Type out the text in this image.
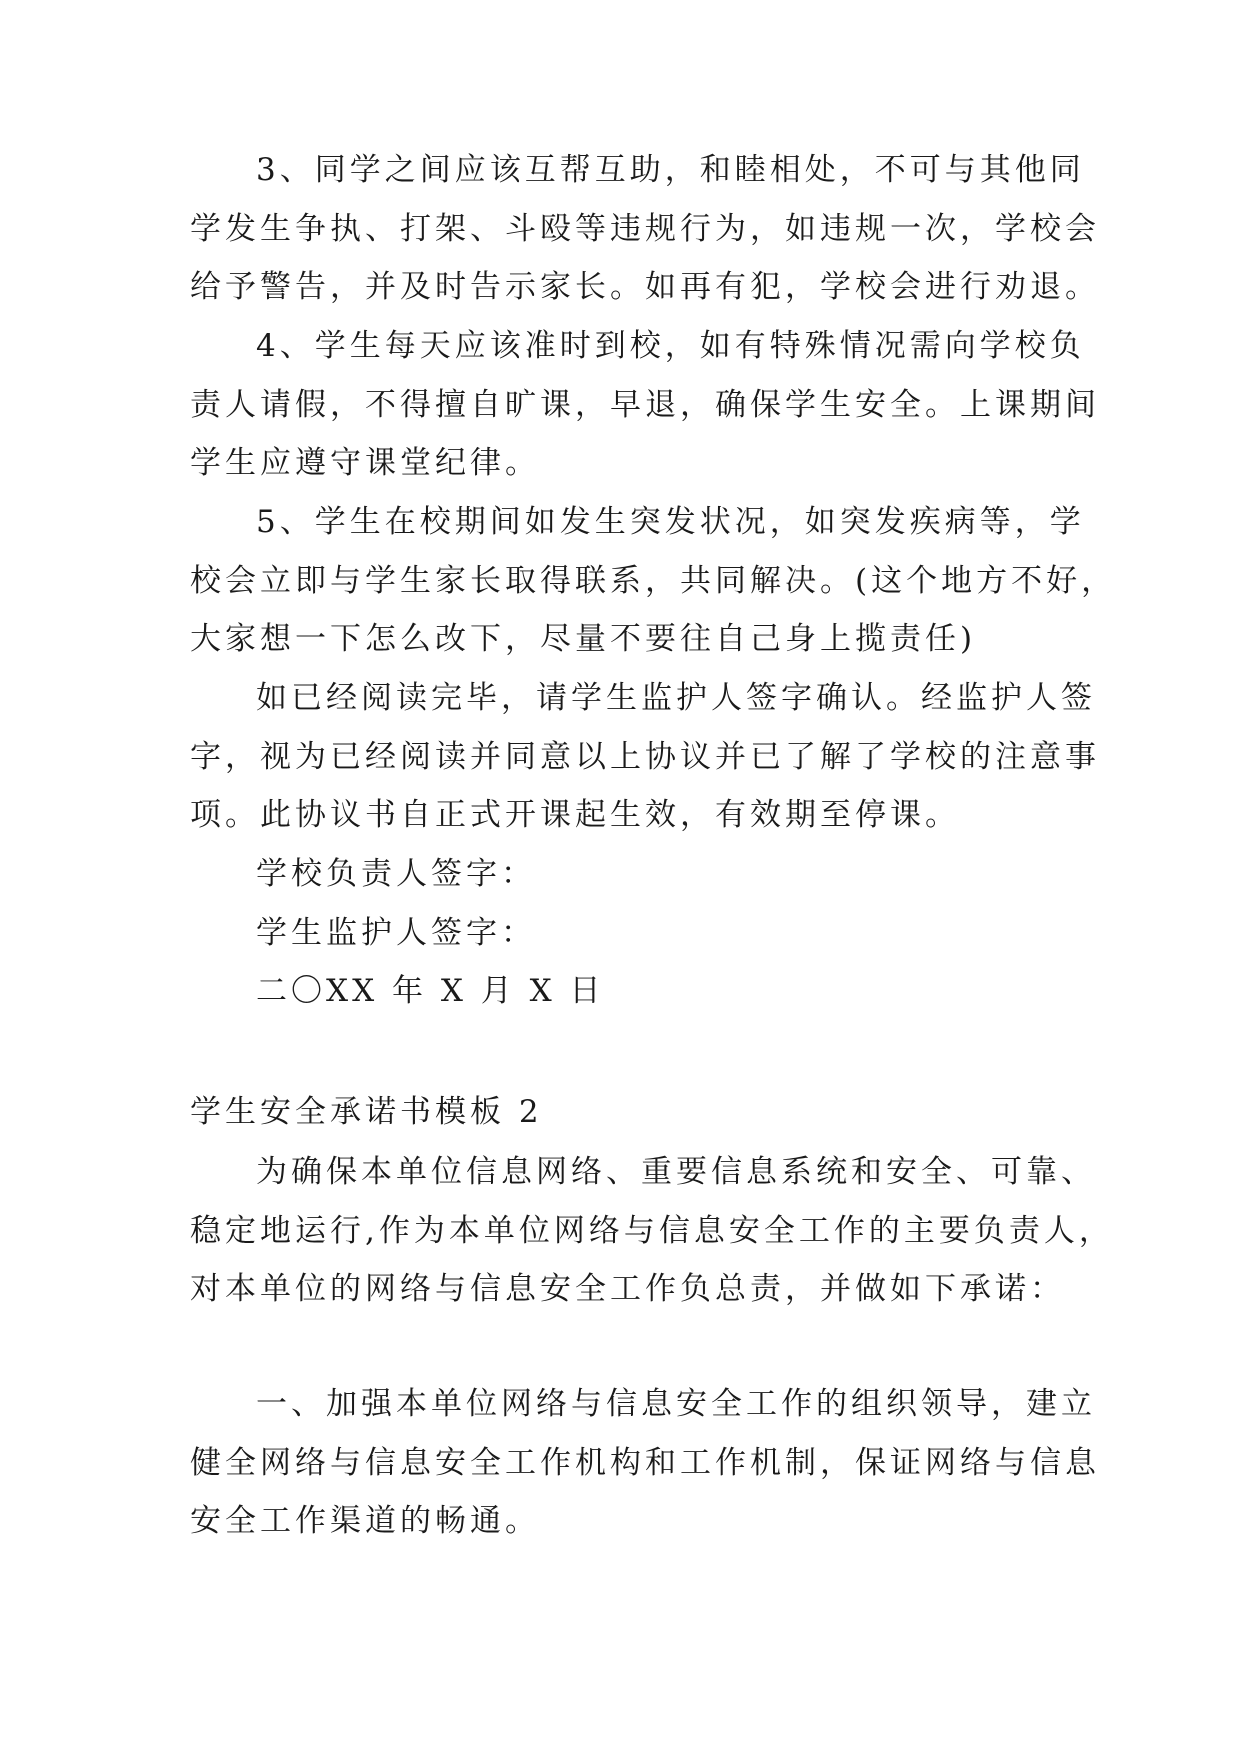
3、同学之间应该互帮互助，和睦相处，不可与其他同
学发生争执、打架、斗殴等违规行为，如违规一次，学校会
给予警告，并及时告示家长。如再有犯，学校会进行劝退。
4、学生每天应该准时到校，如有特殊情况需向学校负
责人请假，不得擅自旷课，早退，确保学生安全。上课期间
学生应遵守课堂纪律。
5、学生在校期间如发生突发状况，如突发疾病等，学
校会立即与学生家长取得联系，共同解决。(这个地方不好，
大家想一下怎么改下，尽量不要往自己身上揽责任)
如已经阅读完毕，请学生监护人签字确认。经监护人签
字，视为已经阅读并同意以上协议并已了解了学校的注意事
项。此协议书自正式开课起生效，有效期至停课。
学校负责人签字：
学生监护人签字：
二〇XX 年 X 月 X 日
学生安全承诺书模板 2
为确保本单位信息网络、重要信息系统和安全、可靠、
稳定地运行,作为本单位网络与信息安全工作的主要负责人，
对本单位的网络与信息安全工作负总责，并做如下承诺：
一、加强本单位网络与信息安全工作的组织领导，建立
健全网络与信息安全工作机构和工作机制，保证网络与信息
安全工作渠道的畅通。
